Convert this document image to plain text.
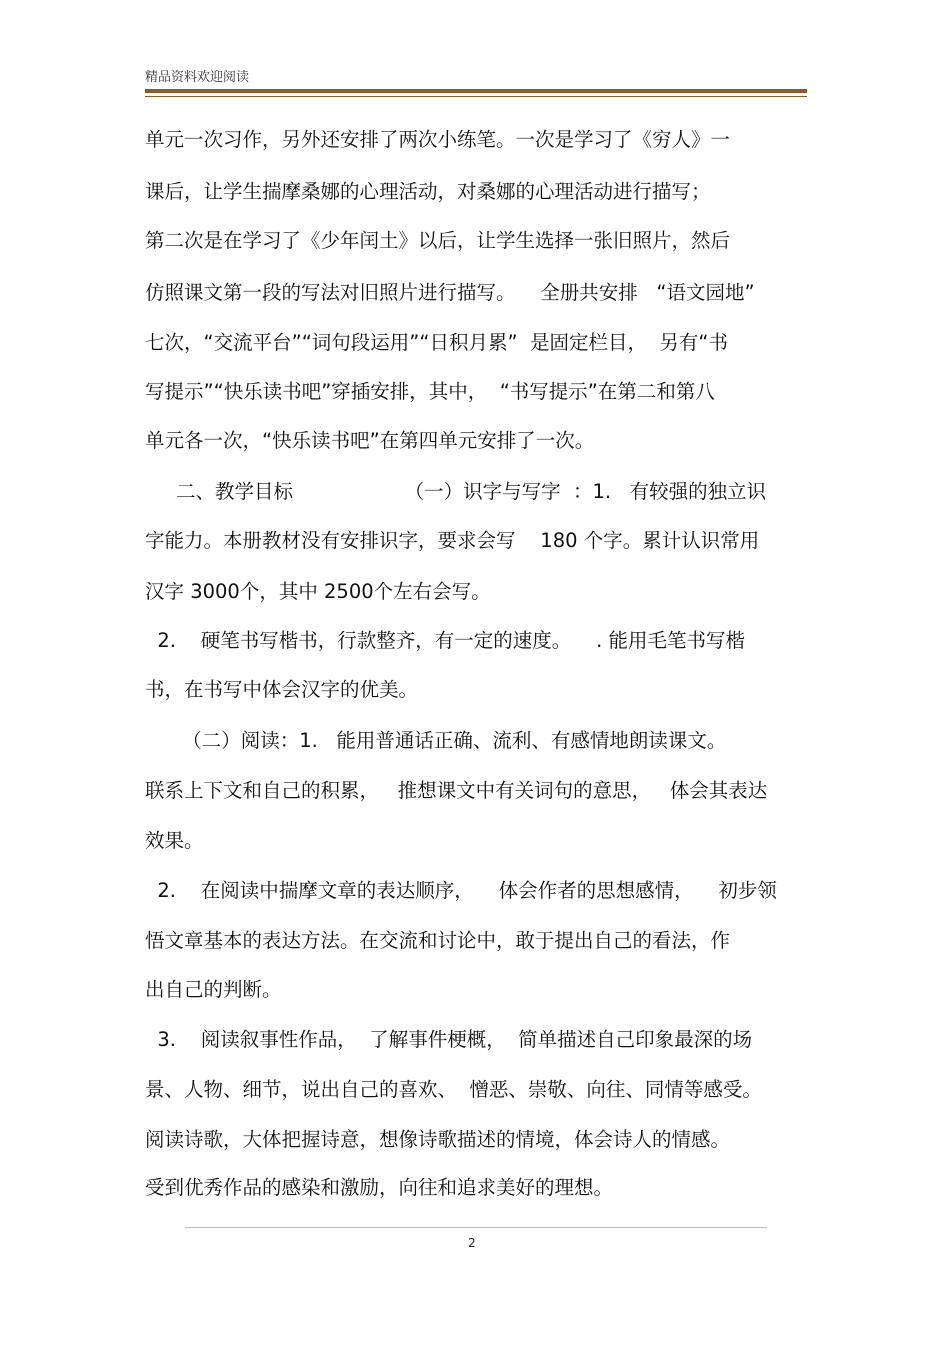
精品资料欢迎阅读
单元一次习作，另外还安排了两次小练笔。一次是学习了《穷人》一
课后，让学生揣摩桑娜的心理活动，对桑娜的心理活动进行描写；
第二次是在学习了《少年闰土》以后，让学生选择一张旧照片，然后
仿照课文第一段的写法对旧照片进行描写。    全册共安排   “语文园地”
七次，“交流平台”“词句段运用”“日积月累”  是固定栏目，  另有“书
写提示”“快乐读书吧”穿插安排，其中，  “书写提示”在第二和第八
单元各一次，“快乐读书吧”在第四单元安排了一次。
二、教学目标                  （一）识字与写字  ：1.   有较强的独立识
字能力。本册教材没有安排识字，要求会写    180 个字。累计认识常用
汉字 3000个，其中 2500个左右会写。
2.    硬笔书写楷书，行款整齐，有一定的速度。    . 能用毛笔书写楷
书，在书写中体会汉字的优美。
（二）阅读：1.   能用普通话正确、流利、有感情地朗读课文。
联系上下文和自己的积累，   推想课文中有关词句的意思，   体会其表达
效果。
2.    在阅读中揣摩文章的表达顺序，    体会作者的思想感情，    初步领
悟文章基本的表达方法。在交流和讨论中，敢于提出自己的看法，作
出自己的判断。
3.    阅读叙事性作品，  了解事件梗概，  简单描述自己印象最深的场
景、人物、细节，说出自己的喜欢、  憎恶、崇敬、向往、同情等感受。
阅读诗歌，大体把握诗意，想像诗歌描述的情境，体会诗人的情感。
受到优秀作品的感染和激励，向往和追求美好的理想。
2
